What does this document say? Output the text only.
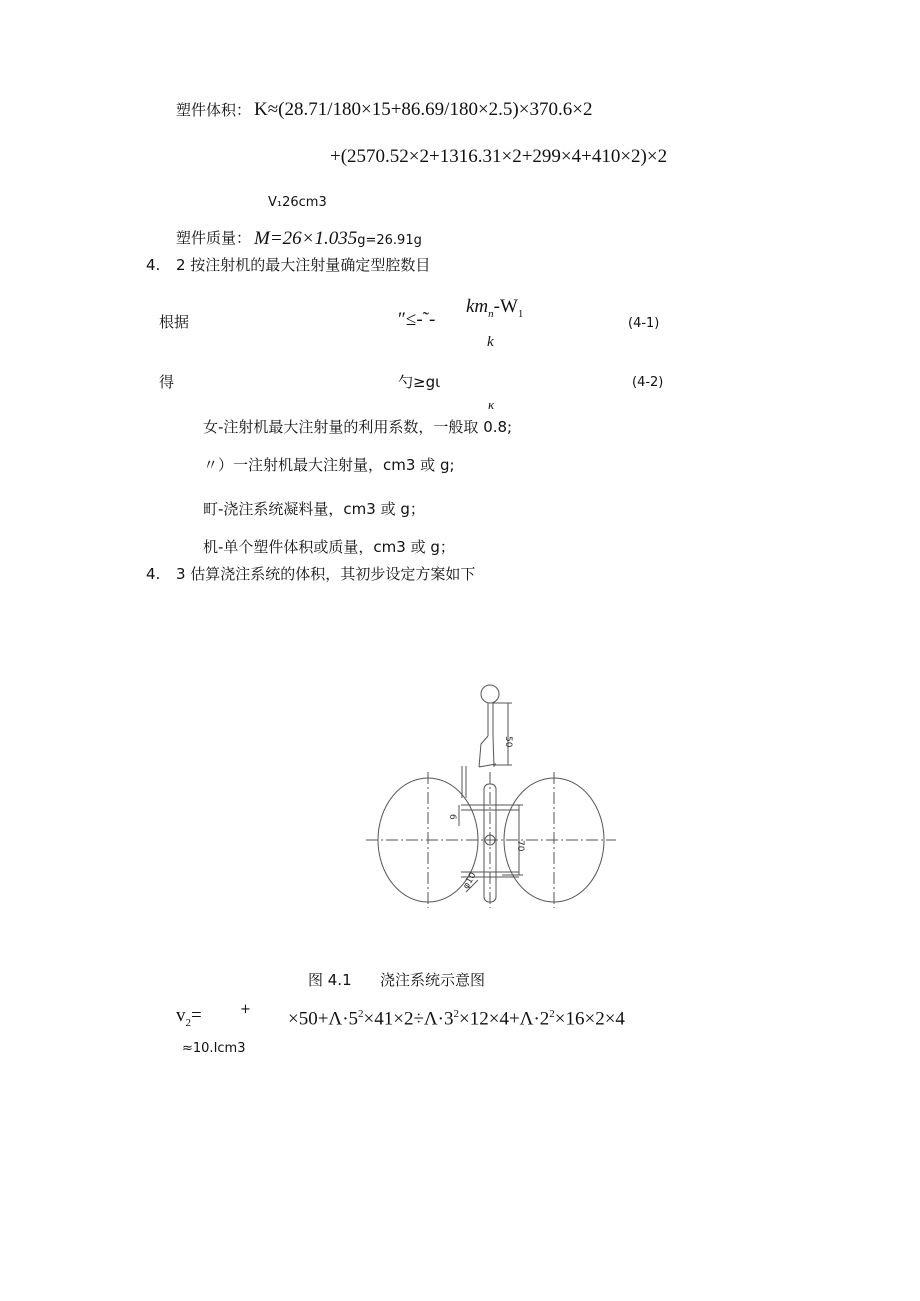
塑件体积： K≈(28.71/180×15+86.69/180×2.5)×370.6×2
+(2570.52×2+1316.31×2+299×4+410×2)×2
V₁26cm3
塑件质量： M=26×1.035g=26.91g
4. 2 按注射机的最大注射量确定型腔数目
$km_n-W_1$
根据	″≤-˜-	(4-1)
k
得	勺≥gι	(4-2)
κ
女-注射机最大注射量的利用系数，一般取 0.8;
〃）一注射机最大注射量，cm3 或 g;
町-浇注系统凝料量，cm3 或 g；
机-单个塑件体积或质量，cm3 或 g；
4. 3 估算浇注系统的体积，其初步设定方案如下
50
70
6
φ10
图 4.1 浇注系统示意图
$v_2=$	+ $\times 50+\Lambda\cdot 5^2\times 41\times 2\div\Lambda\cdot 3^2\times 12\times 4+\Lambda\cdot 2^2\times 16\times 2\times 4$
≈10.Icm3
